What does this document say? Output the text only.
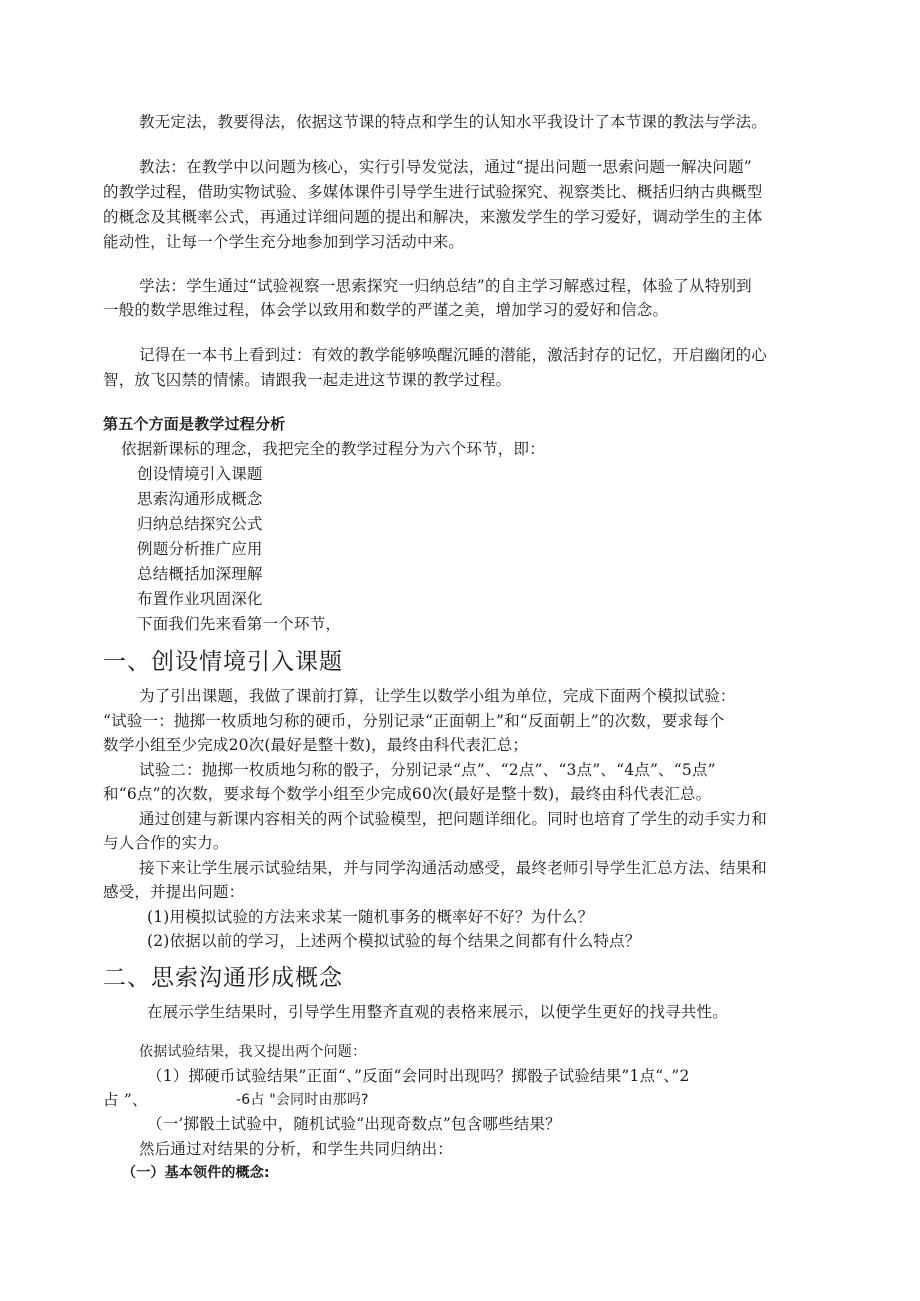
教无定法，教要得法，依据这节课的特点和学生的认知水平我设计了本节课的教法与学法。
教法：在教学中以问题为核心，实行引导发觉法，通过“提出问题一思索问题一解决问题”
的教学过程，借助实物试验、多媒体课件引导学生进行试验探究、视察类比、概括归纳古典概型
的概念及其概率公式，再通过详细问题的提出和解决，来激发学生的学习爱好，调动学生的主体
能动性，让每一个学生充分地参加到学习活动中来。
学法：学生通过“试验视察一思索探究一归纳总结”的自主学习解惑过程，体验了从特别到
一般的数学思维过程，体会学以致用和数学的严谨之美，增加学习的爱好和信念。
记得在一本书上看到过：有效的教学能够唤醒沉睡的潜能，激活封存的记忆，开启幽闭的心
智，放飞囚禁的情愫。请跟我一起走进这节课的教学过程。
第五个方面是教学过程分析
依据新课标的理念，我把完全的教学过程分为六个环节，即：
创设情境引入课题
思索沟通形成概念
归纳总结探究公式
例题分析推广应用
总结概括加深理解
布置作业巩固深化
下面我们先来看第一个环节，
一、创设情境引入课题
为了引出课题，我做了课前打算，让学生以数学小组为单位，完成下面两个模拟试验：
“试验一：抛掷一枚质地匀称的硬币，分别记录“正面朝上”和“反面朝上”的次数，要求每个
数学小组至少完成20次(最好是整十数)，最终由科代表汇总；
试验二：抛掷一枚质地匀称的骰子，分别记录“点”、“2点”、“3点”、“4点”、“5点”
和“6点”的次数，要求每个数学小组至少完成60次(最好是整十数)，最终由科代表汇总。
通过创建与新课内容相关的两个试验模型，把问题详细化。同时也培育了学生的动手实力和
与人合作的实力。
接下来让学生展示试验结果，并与同学沟通活动感受，最终老师引导学生汇总方法、结果和
感受，并提出问题：
(1)用模拟试验的方法来求某一随机事务的概率好不好？为什么？
(2)依据以前的学习，上述两个模拟试验的每个结果之间都有什么特点？
二、思索沟通形成概念
在展示学生结果时，引导学生用整齐直观的表格来展示，以便学生更好的找寻共性。
依据试验结果，我又提出两个问题：
（1）掷硬币试验结果”正面“、”反面“会同时出现吗？掷骰子试验结果”1点“、”2
占 ”、	-6占 "会同时由那吗?
（一’掷骰土试验中，随机试验“出现奇数点”包含哪些结果？
然后通过对结果的分析，和学生共同归纳出：
（一）基本领件的概念:
